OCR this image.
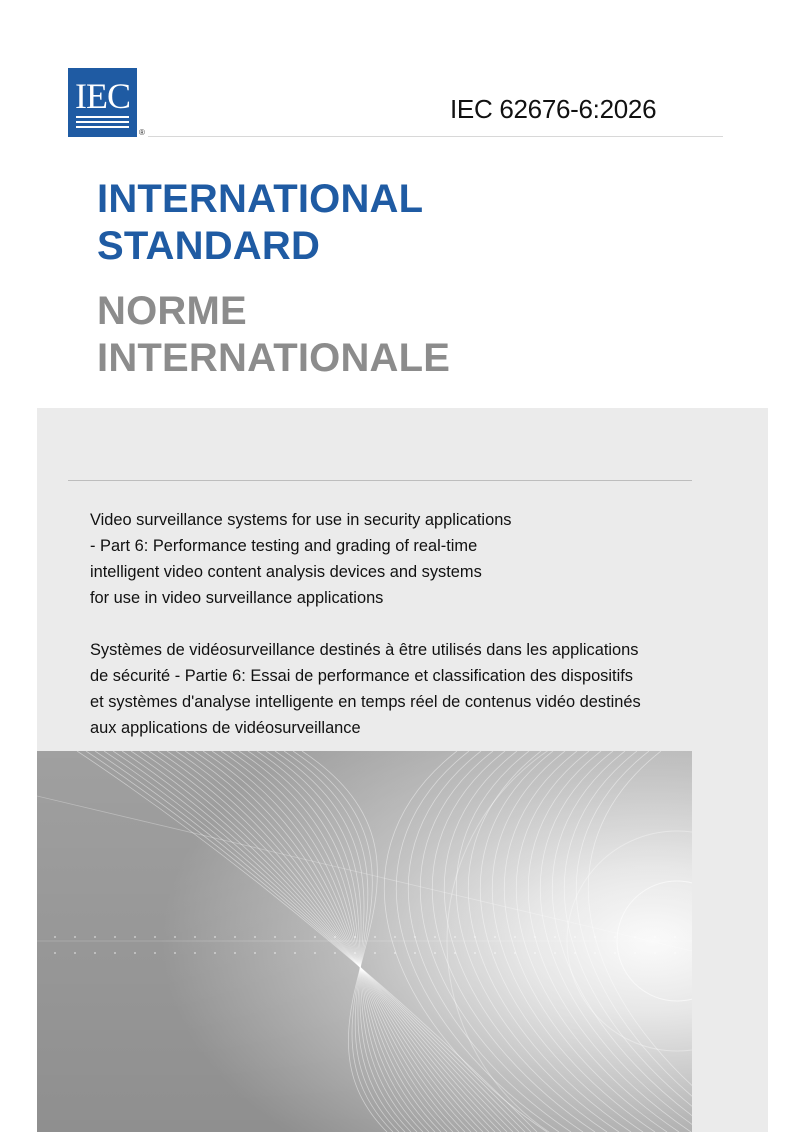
IEC
®
IEC 62676-6:2026
INTERNATIONAL
STANDARD
NORME
INTERNATIONALE

Video surveillance systems for use in security applications
- Part 6: Performance testing and grading of real-time
intelligent video content analysis devices and systems
for use in video surveillance applications

Systèmes de vidéosurveillance destinés à être utilisés dans les applications
de sécurité - Partie 6: Essai de performance et classification des dispositifs
et systèmes d'analyse intelligente en temps réel de contenus vidéo destinés
aux applications de vidéosurveillance
